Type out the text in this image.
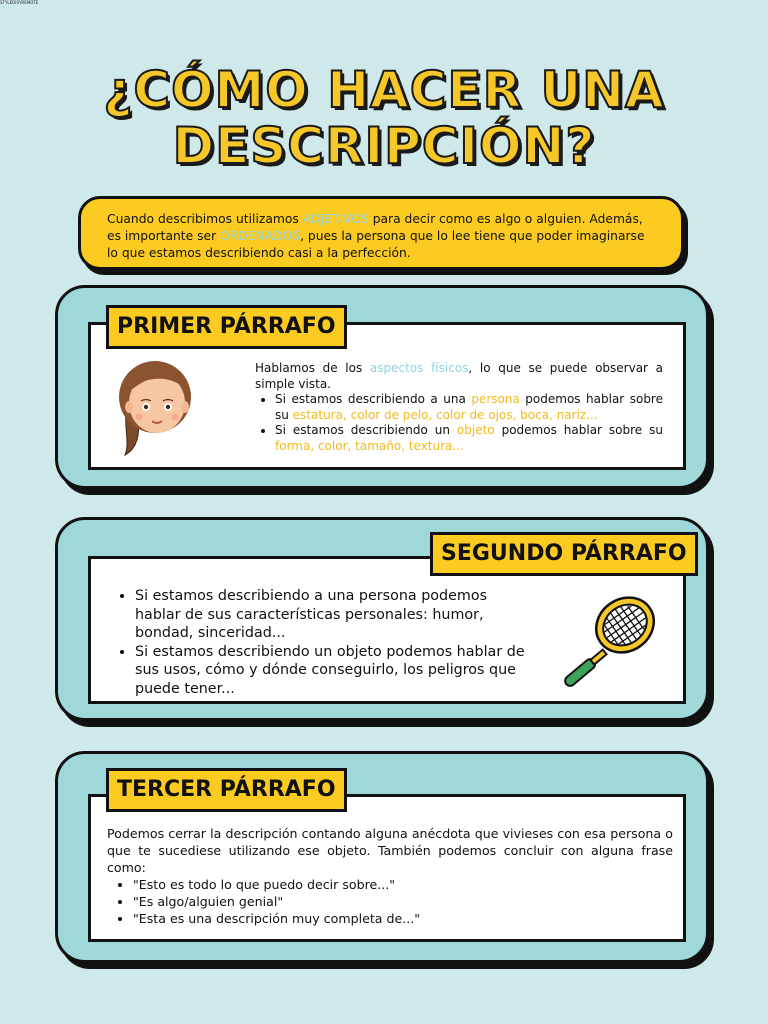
STYLEDISYREMOTE
¿CÓMO HACER UNA
DESCRIPCIÓN?

Cuando describimos utilizamos ADJETIVOS para decir como es algo o alguien. Además, es importante ser ORDENADOS, pues la persona que lo lee tiene que poder imaginarse lo que estamos describiendo casi a la perfección.

Hablamos de los aspectos físicos, lo que se puede observar a simple vista.

• Si estamos describiendo a una persona podemos hablar sobre su estatura, color de pelo, color de ojos, boca, nariz...
• Si estamos describiendo un objeto podemos hablar sobre su forma, color, tamaño, textura...
PRIMER PÁRRAFO
• Si estamos describiendo a una persona podemos hablar de sus características personales: humor, bondad, sinceridad...
• Si estamos describiendo un objeto podemos hablar de sus usos, cómo y dónde conseguirlo, los peligros que puede tener...
SEGUNDO PÁRRAFO

Podemos cerrar la descripción contando alguna anécdota que vivieses con esa persona o que te sucediese utilizando ese objeto. También podemos concluir con alguna frase como:

• "Esto es todo lo que puedo decir sobre..."
• "Es algo/alguien genial"
• "Esta es una descripción muy completa de..."
TERCER PÁRRAFO
